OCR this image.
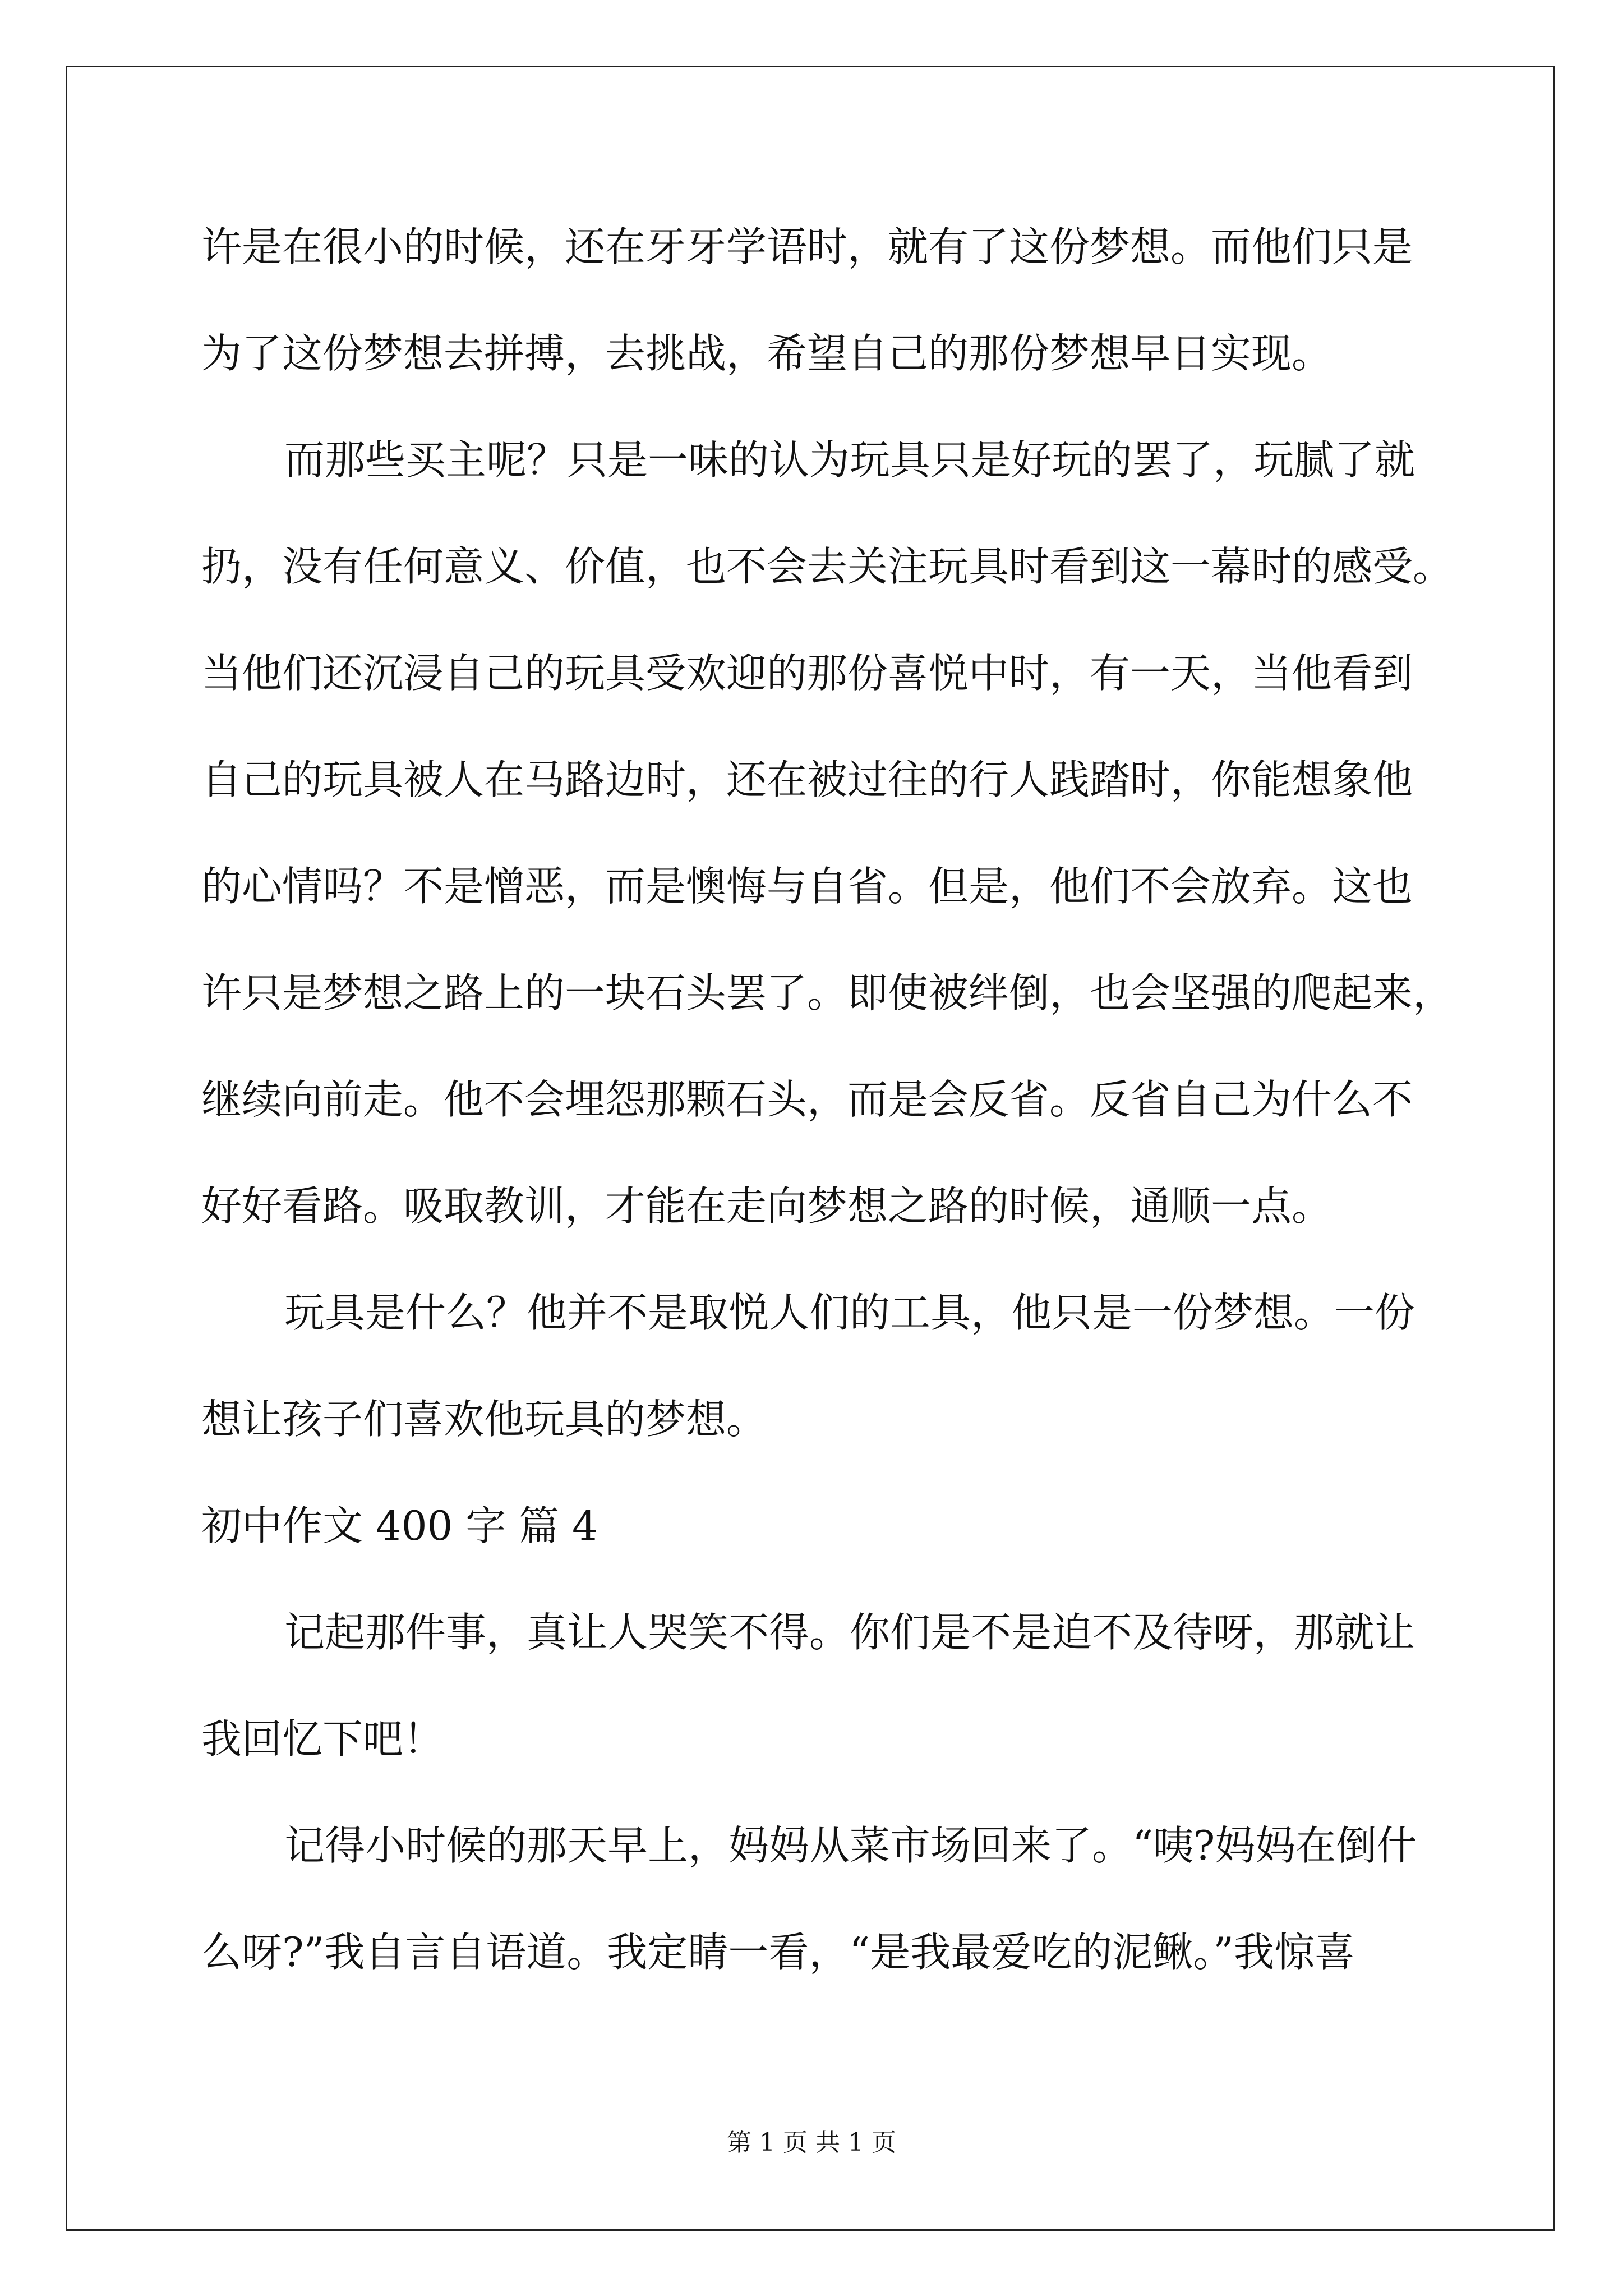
许是在很小的时候，还在牙牙学语时，就有了这份梦想。而他们只是
为了这份梦想去拼搏，去挑战，希望自己的那份梦想早日实现。
而那些买主呢？只是一味的认为玩具只是好玩的罢了，玩腻了就
扔，没有任何意义、价值，也不会去关注玩具时看到这一幕时的感受。
当他们还沉浸自己的玩具受欢迎的那份喜悦中时，有一天，当他看到
自己的玩具被人在马路边时，还在被过往的行人践踏时，你能想象他
的心情吗？不是憎恶，而是懊悔与自省。但是，他们不会放弃。这也
许只是梦想之路上的一块石头罢了。即使被绊倒，也会坚强的爬起来，
继续向前走。他不会埋怨那颗石头，而是会反省。反省自己为什么不
好好看路。吸取教训，才能在走向梦想之路的时候，通顺一点。
玩具是什么？他并不是取悦人们的工具，他只是一份梦想。一份
想让孩子们喜欢他玩具的梦想。
初中作文 400 字 篇 4
记起那件事，真让人哭笑不得。你们是不是迫不及待呀，那就让
我回忆下吧！
记得小时候的那天早上，妈妈从菜市场回来了。“咦?妈妈在倒什
么呀?”我自言自语道。我定睛一看，“是我最爱吃的泥鳅。”我惊喜
第 1 页 共 1 页
